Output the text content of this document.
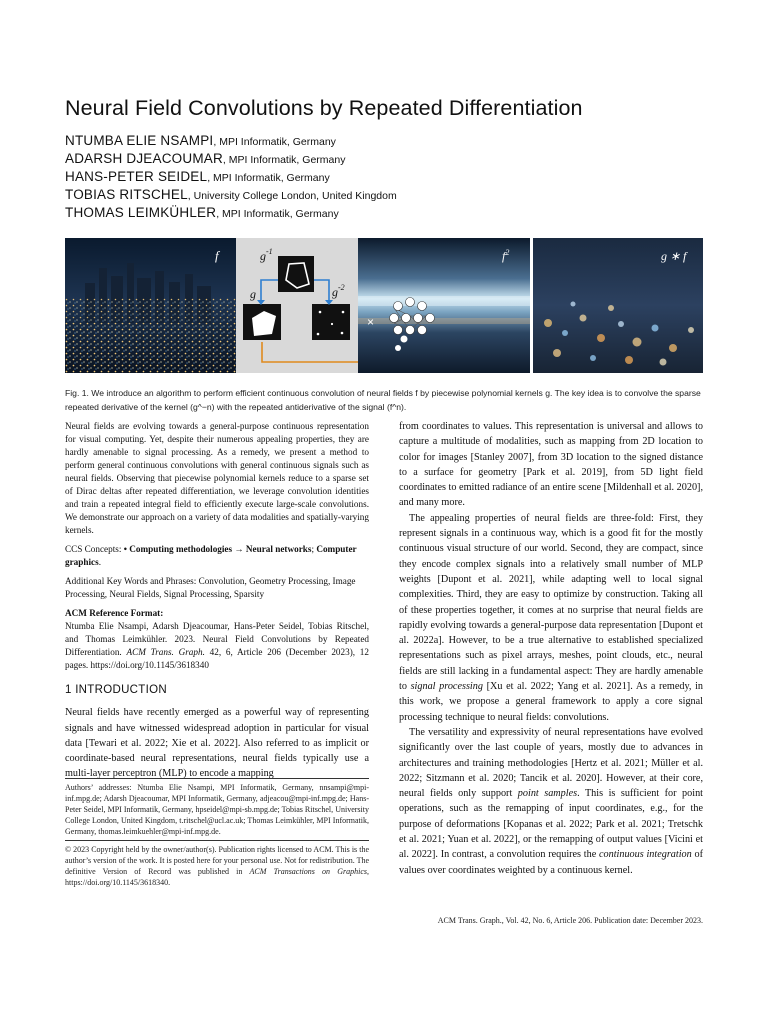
Neural Field Convolutions by Repeated Differentiation
NTUMBA ELIE NSAMPI, MPI Informatik, Germany
ADARSH DJEACOUMAR, MPI Informatik, Germany
HANS-PETER SEIDEL, MPI Informatik, Germany
TOBIAS RITSCHEL, University College London, United Kingdom
THOMAS LEIMKÜHLER, MPI Informatik, Germany
f	$g^{-1}$
g	$g^{-2}$
×
$f^2$	g ∗ f
Fig. 1. We introduce an algorithm to perform efficient continuous convolution of neural fields f by piecewise polynomial kernels g. The key idea is to convolve the sparse repeated derivative of the kernel (g^−n) with the repeated antiderivative of the signal (f^n).

Neural fields are evolving towards a general-purpose continuous representation for visual computing. Yet, despite their numerous appealing properties, they are hardly amenable to signal processing. As a remedy, we present a method to perform general continuous convolutions with general continuous signals such as neural fields. Observing that piecewise polynomial kernels reduce to a sparse set of Dirac deltas after repeated differentiation, we leverage convolution identities and train a repeated integral field to efficiently execute large-scale convolutions. We demonstrate our approach on a variety of data modalities and spatially-varying kernels.

CCS Concepts: • Computing methodologies → Neural networks; Computer graphics.

Additional Key Words and Phrases: Convolution, Geometry Processing, Image Processing, Neural Fields, Signal Processing, Sparsity

ACM Reference Format:

Ntumba Elie Nsampi, Adarsh Djeacoumar, Hans-Peter Seidel, Tobias Ritschel, and Thomas Leimkühler. 2023. Neural Field Convolutions by Repeated Differentiation. ACM Trans. Graph. 42, 6, Article 206 (December 2023), 12 pages. https://doi.org/10.1145/3618340

1 INTRODUCTION

Neural fields have recently emerged as a powerful way of representing signals and have witnessed widespread adoption in particular for visual data [Tewari et al. 2022; Xie et al. 2022]. Also referred to as implicit or coordinate-based neural representations, neural fields typically use a multi-layer perceptron (MLP) to encode a mapping

Authors’ addresses: Ntumba Elie Nsampi, MPI Informatik, Germany, nnsampi@mpi-inf.mpg.de; Adarsh Djeacoumar, MPI Informatik, Germany, adjeacou@mpi-inf.mpg.de; Hans-Peter Seidel, MPI Informatik, Germany, hpseidel@mpi-sb.mpg.de; Tobias Ritschel, University College London, United Kingdom, t.ritschel@ucl.ac.uk; Thomas Leimkühler, MPI Informatik, Germany, thomas.leimkuehler@mpi-inf.mpg.de.
© 2023 Copyright held by the owner/author(s). Publication rights licensed to ACM. This is the author’s version of the work. It is posted here for your personal use. Not for redistribution. The definitive Version of Record was published in ACM Transactions on Graphics, https://doi.org/10.1145/3618340.

from coordinates to values. This representation is universal and allows to capture a multitude of modalities, such as mapping from 2D location to color for images [Stanley 2007], from 3D location to the signed distance to a surface for geometry [Park et al. 2019], from 5D light field coordinates to emitted radiance of an entire scene [Mildenhall et al. 2020], and many more.

The appealing properties of neural fields are three-fold: First, they represent signals in a continuous way, which is a good fit for the mostly continuous visual structure of our world. Second, they are compact, since they encode complex signals into a relatively small number of MLP weights [Dupont et al. 2021], while adapting well to local signal complexities. Third, they are easy to optimize by construction. Taking all of these properties together, it comes at no surprise that neural fields are rapidly evolving towards a general-purpose data representation [Dupont et al. 2022a]. However, to be a true alternative to established specialized representations such as pixel arrays, meshes, point clouds, etc., neural fields are still lacking in a fundamental aspect: They are hardly amenable to signal processing [Xu et al. 2022; Yang et al. 2021]. As a remedy, in this work, we propose a general framework to apply a core signal processing technique to neural fields: convolutions.

The versatility and expressivity of neural representations have evolved significantly over the last couple of years, mostly due to advances in architectures and training methodologies [Hertz et al. 2021; Müller et al. 2022; Sitzmann et al. 2020; Tancik et al. 2020]. However, at their core, neural fields only support point samples. This is sufficient for point operations, such as the remapping of input coordinates, e.g., for the purpose of deformations [Kopanas et al. 2022; Park et al. 2021; Tretschk et al. 2021; Yuan et al. 2022], or the remapping of output values [Vicini et al. 2022]. In contrast, a convolution requires the continuous integration of values over coordinates weighted by a continuous kernel.

ACM Trans. Graph., Vol. 42, No. 6, Article 206. Publication date: December 2023.
